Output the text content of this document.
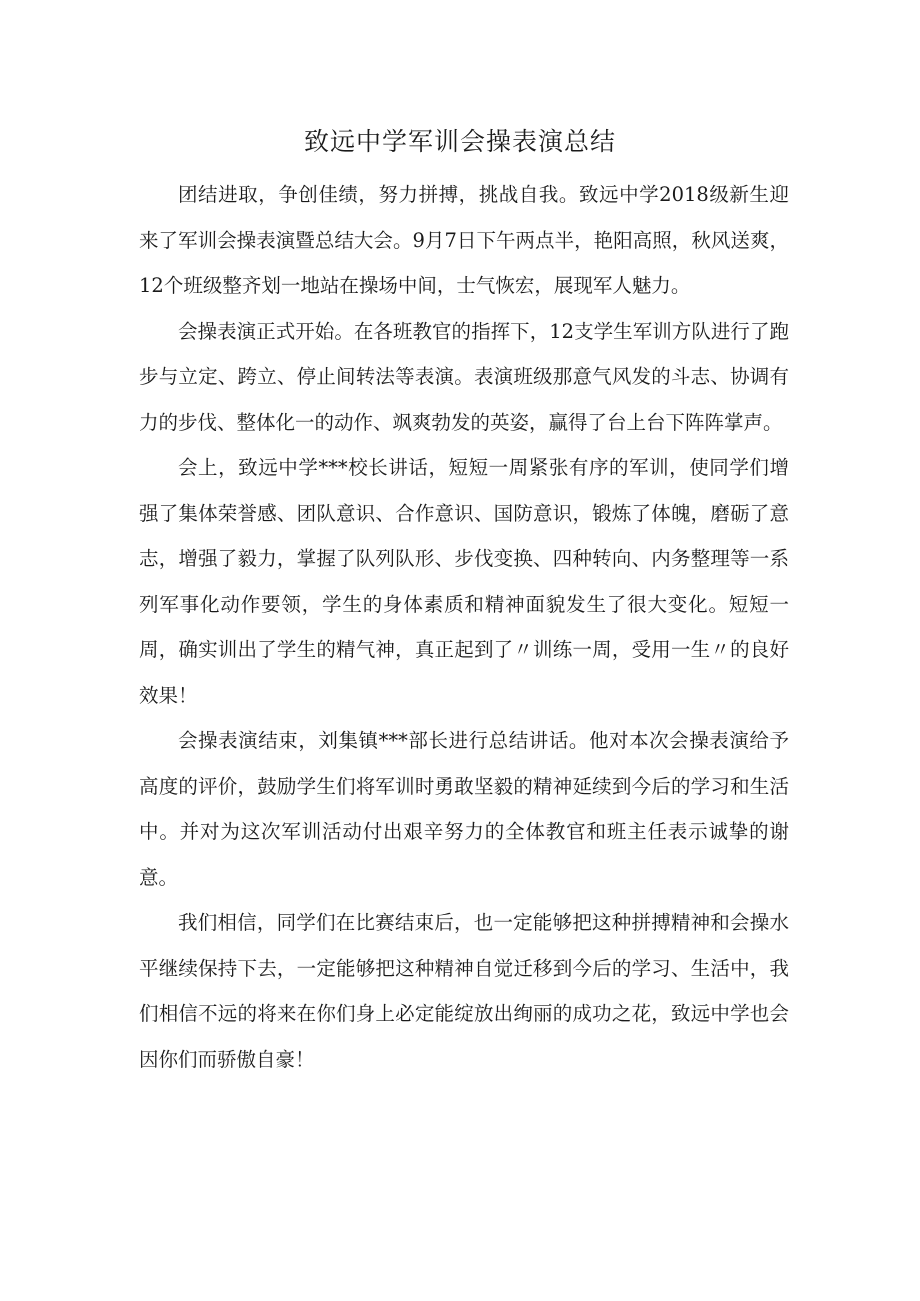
致远中学军训会操表演总结

团结进取，争创佳绩，努力拼搏，挑战自我。致远中学2018级新生迎来了军训会操表演暨总结大会。9月7日下午两点半，艳阳高照，秋风送爽，12个班级整齐划一地站在操场中间，士气恢宏，展现军人魅力。

会操表演正式开始。在各班教官的指挥下，12支学生军训方队进行了跑步与立定、跨立、停止间转法等表演。表演班级那意气风发的斗志、协调有力的步伐、整体化一的动作、飒爽勃发的英姿，赢得了台上台下阵阵掌声。

会上，致远中学***校长讲话，短短一周紧张有序的军训，使同学们增强了集体荣誉感、团队意识、合作意识、国防意识，锻炼了体魄，磨砺了意志，增强了毅力，掌握了队列队形、步伐变换、四种转向、内务整理等一系列军事化动作要领，学生的身体素质和精神面貌发生了很大变化。短短一周，确实训出了学生的精气神，真正起到了〃训练一周，受用一生〃的良好效果！

会操表演结束，刘集镇***部长进行总结讲话。他对本次会操表演给予高度的评价，鼓励学生们将军训时勇敢坚毅的精神延续到今后的学习和生活中。并对为这次军训活动付出艰辛努力的全体教官和班主任表示诚挚的谢意。

我们相信，同学们在比赛结束后，也一定能够把这种拼搏精神和会操水平继续保持下去，一定能够把这种精神自觉迁移到今后的学习、生活中，我们相信不远的将来在你们身上必定能绽放出绚丽的成功之花，致远中学也会因你们而骄傲自豪！
